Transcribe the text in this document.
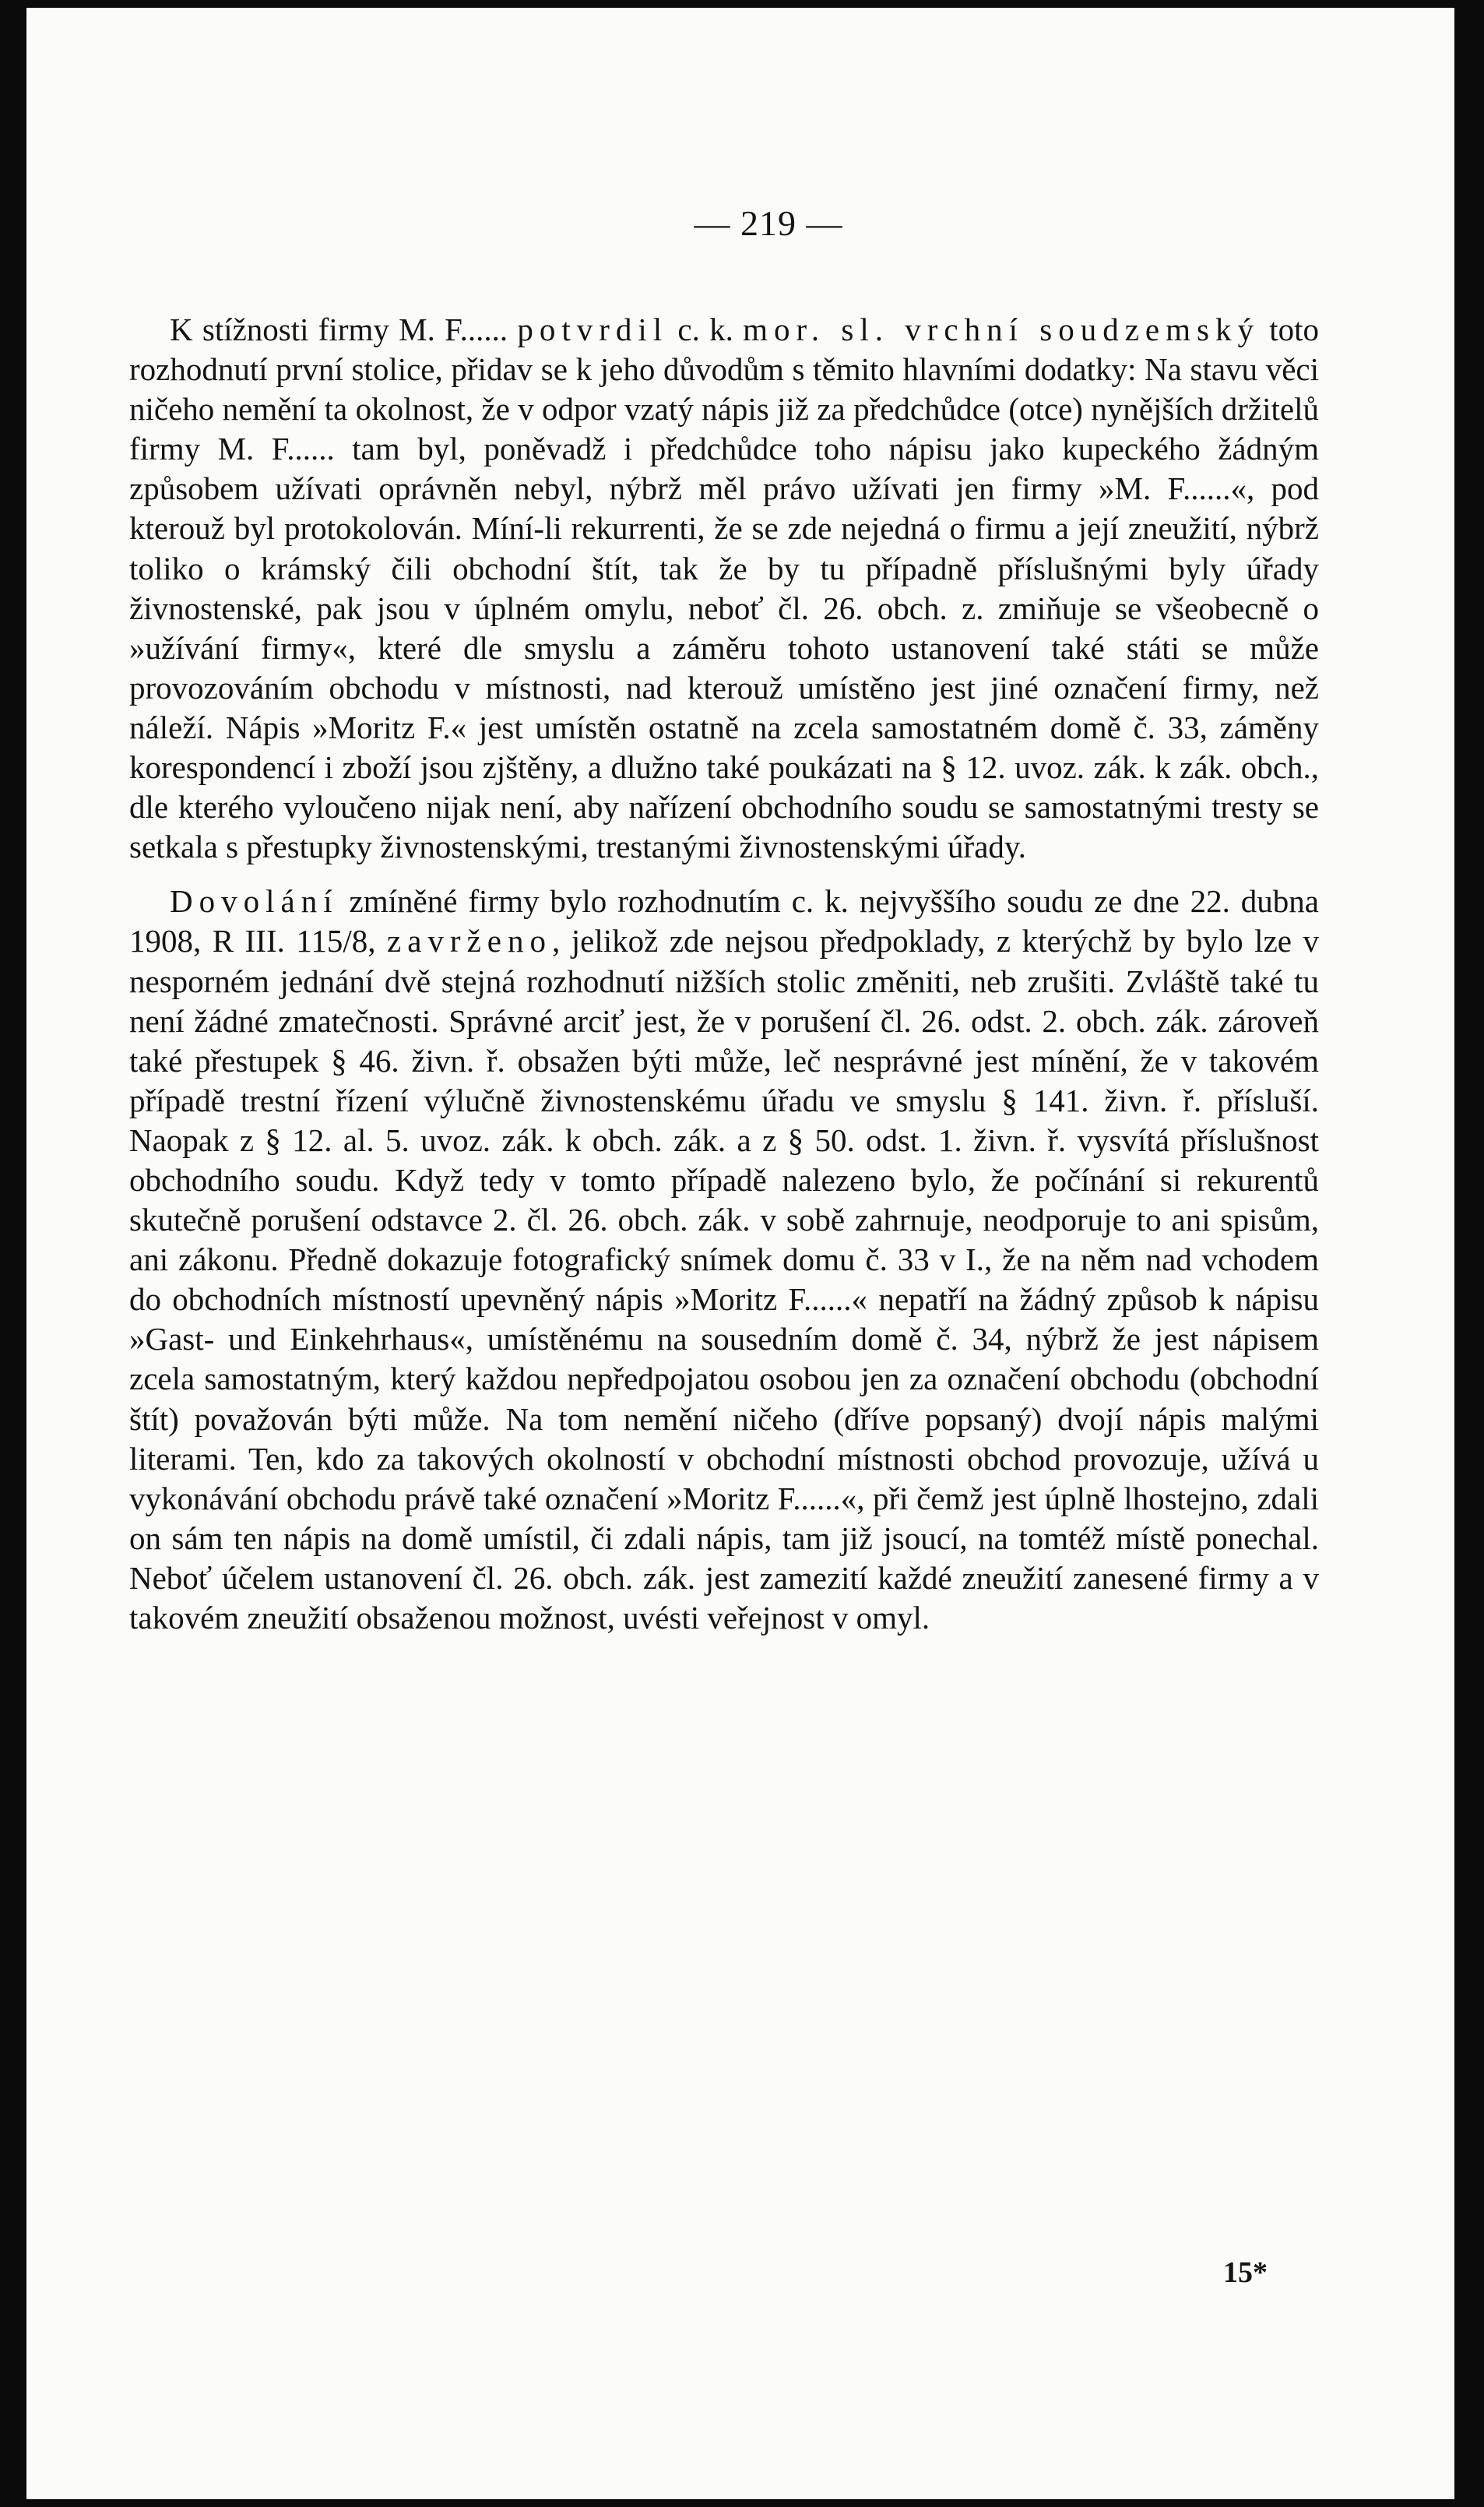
— 219 —

K stížnosti firmy M. F...... potvrdil c. k. mor. sl. vrchní soudzemský toto rozhodnutí první stolice, přidav se k jeho důvodům s těmito hlavními dodatky: Na stavu věci ničeho nemění ta okolnost, že v odpor vzatý nápis již za předchůdce (otce) nynějších držitelů firmy M. F...... tam byl, poněvadž i předchůdce toho nápisu jako kupeckého žádným způsobem užívati oprávněn nebyl, nýbrž měl právo užívati jen firmy »M. F......«, pod kterouž byl protokolován. Míní-li rekurrenti, že se zde nejedná o firmu a její zneužití, nýbrž toliko o krámský čili obchodní štít, tak že by tu případně příslušnými byly úřady živnostenské, pak jsou v úplném omylu, neboť čl. 26. obch. z. zmiňuje se všeobecně o »užívání firmy«, které dle smyslu a záměru tohoto ustanovení také státi se může provozováním obchodu v místnosti, nad kterouž umístěno jest jiné označení firmy, než náleží. Nápis »Moritz F.« jest umístěn ostatně na zcela samostatném domě č. 33, záměny korespondencí i zboží jsou zjštěny, a dlužno také poukázati na § 12. uvoz. zák. k zák. obch., dle kterého vyloučeno nijak není, aby nařízení obchodního soudu se samostatnými tresty se setkala s přestupky živnostenskými, trestanými živnostenskými úřady.

Dovolání zmíněné firmy bylo rozhodnutím c. k. nejvyššího soudu ze dne 22. dubna 1908, R III. 115/8, zavrženo, jelikož zde nejsou předpoklady, z kterýchž by bylo lze v nesporném jednání dvě stejná rozhodnutí nižších stolic změniti, neb zrušiti. Zvláště také tu není žádné zmatečnosti. Správné arciť jest, že v porušení čl. 26. odst. 2. obch. zák. zároveň také přestupek § 46. živn. ř. obsažen býti může, leč nesprávné jest mínění, že v takovém případě trestní řízení výlučně živnostenskému úřadu ve smyslu § 141. živn. ř. přísluší. Naopak z § 12. al. 5. uvoz. zák. k obch. zák. a z § 50. odst. 1. živn. ř. vysvítá příslušnost obchodního soudu. Když tedy v tomto případě nalezeno bylo, že počínání si rekurentů skutečně porušení odstavce 2. čl. 26. obch. zák. v sobě zahrnuje, neodporuje to ani spisům, ani zákonu. Předně dokazuje fotografický snímek domu č. 33 v I., že na něm nad vchodem do obchodních místností upevněný nápis »Moritz F......« nepatří na žádný způsob k nápisu »Gast- und Einkehrhaus«, umístěnému na sousedním domě č. 34, nýbrž že jest nápisem zcela samostatným, který každou nepředpojatou osobou jen za označení obchodu (obchodní štít) považován býti může. Na tom nemění ničeho (dříve popsaný) dvojí nápis malými literami. Ten, kdo za takových okolností v obchodní místnosti obchod provozuje, užívá u vykonávání obchodu právě také označení »Moritz F......«, při čemž jest úplně lhostejno, zdali on sám ten nápis na domě umístil, či zdali nápis, tam již jsoucí, na tomtéž místě ponechal. Neboť účelem ustanovení čl. 26. obch. zák. jest zamezití každé zneužití zanesené firmy a v takovém zneužití obsaženou možnost, uvésti veřejnost v omyl.

15*
